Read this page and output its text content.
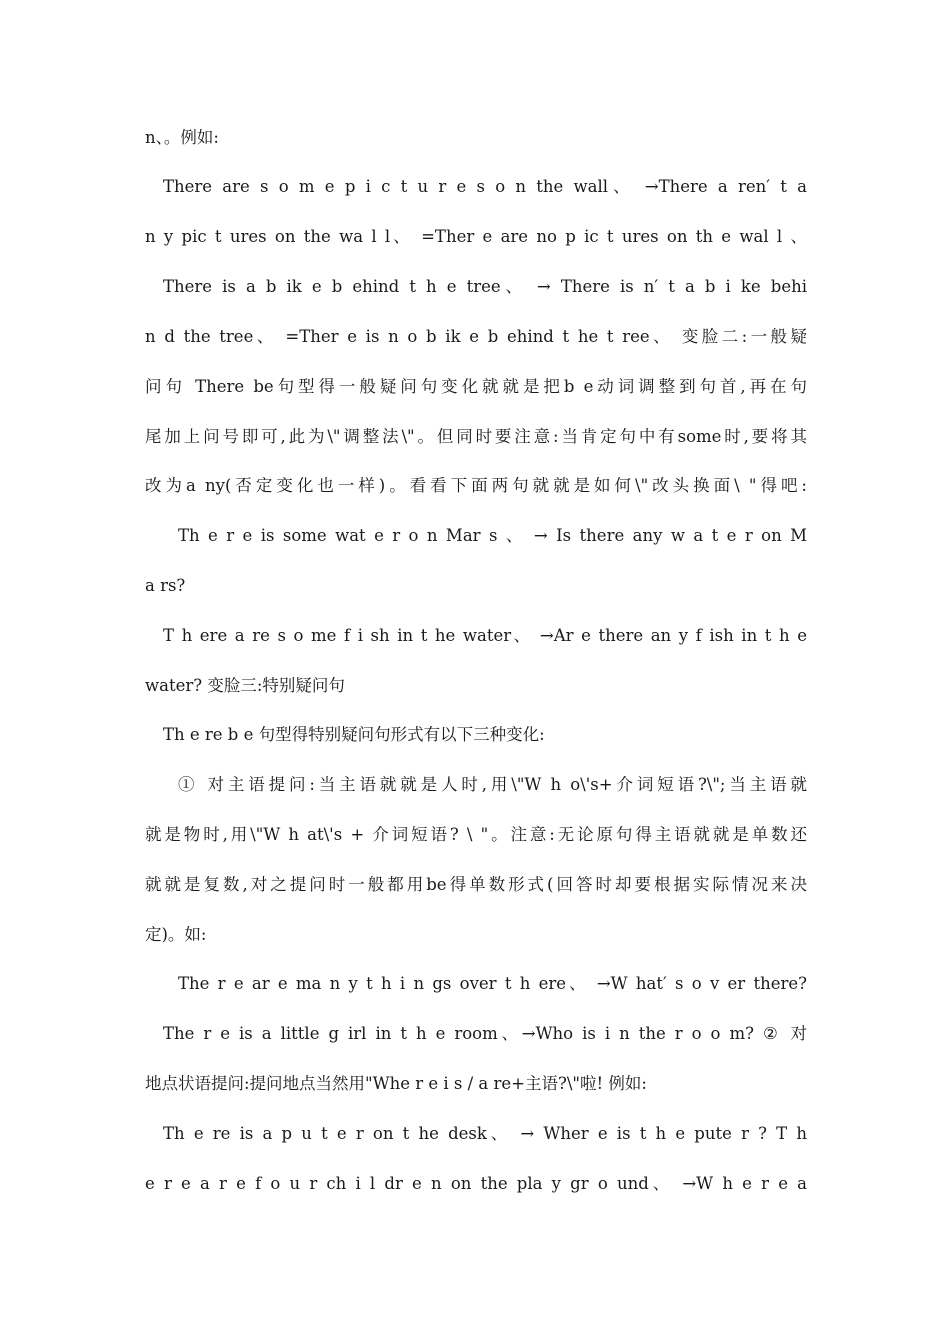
n、。例如:
There are s o m e p i c t u r e s o n the wall、 →There a ren′ t a
n y pic t ures on the wa l l、 =Ther e are no p ic t ures on th e wal l 、
There is a b ik e b ehind t h e tree、 → There is n′ t a b i ke behi
n d the tree、 =Ther e is n o b ik e b ehind t he t ree、 变脸二:一般疑
问句 There be句型得一般疑问句变化就就是把b e动词调整到句首,再在句
尾加上问号即可,此为\"调整法\"。但同时要注意:当肯定句中有some时,要将其
改为a ny(否定变化也一样)。看看下面两句就就是如何\"改头换面\ "得吧:
Th e r e is some wat e r o n Mar s 、 → Is there any w a t e r on M
a rs?
T h ere a re s o me f i sh in t he water、 →Ar e there an y f ish in t h e
water? 变脸三:特别疑问句
Th e re b e 句型得特别疑问句形式有以下三种变化:
① 对主语提问:当主语就就是人时,用\"W h o\'s+介词短语?\";当主语就
就是物时,用\"W h at\'s + 介词短语? \ "。注意:无论原句得主语就就是单数还
就就是复数,对之提问时一般都用be得单数形式(回答时却要根据实际情况来决
定)。如:
The r e ar e ma n y t h i n gs over t h ere、 →W hat′ s o v er there?
The r e is a little g irl in t h e room、→Who is i n the r o o m? ② 对
地点状语提问:提问地点当然用"Whe r e i s / a re+主语?\"啦! 例如:
Th e re is a p u t e r on t he desk、 → Wher e is t h e pute r ? T h
e r e a r e f o u r ch i l dr e n on the pla y gr o und、 →W h e r e a
